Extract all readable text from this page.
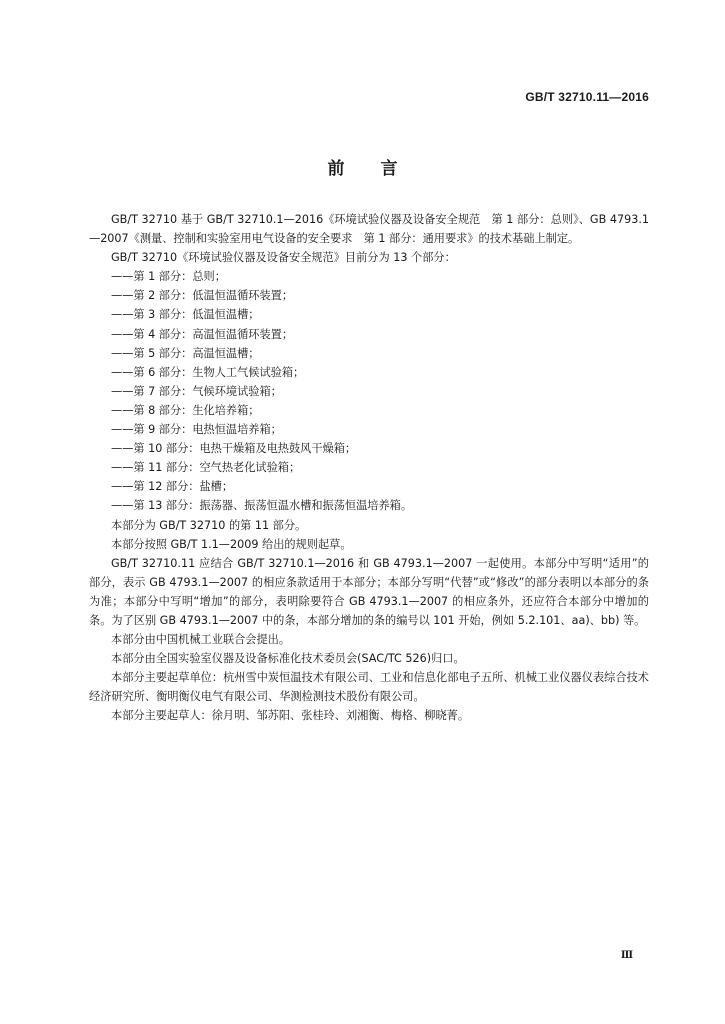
GB/T 32710.11—2016
前 言

GB/T 32710 基于 GB/T 32710.1—2016《环境试验仪器及设备安全规范　第 1 部分：总则》、GB 4793.1—2007《测量、控制和实验室用电气设备的安全要求　第 1 部分：通用要求》的技术基础上制定。

GB/T 32710《环境试验仪器及设备安全规范》目前分为 13 个部分：

——第 1 部分：总则；

——第 2 部分：低温恒温循环装置；

——第 3 部分：低温恒温槽；

——第 4 部分：高温恒温循环装置；

——第 5 部分：高温恒温槽；

——第 6 部分：生物人工气候试验箱；

——第 7 部分：气候环境试验箱；

——第 8 部分：生化培养箱；

——第 9 部分：电热恒温培养箱；

——第 10 部分：电热干燥箱及电热鼓风干燥箱；

——第 11 部分：空气热老化试验箱；

——第 12 部分：盐槽；

——第 13 部分：振荡器、振荡恒温水槽和振荡恒温培养箱。

本部分为 GB/T 32710 的第 11 部分。

本部分按照 GB/T 1.1—2009 给出的规则起草。

GB/T 32710.11 应结合 GB/T 32710.1—2016 和 GB 4793.1—2007 一起使用。本部分中写明“适用”的部分，表示 GB 4793.1—2007 的相应条款适用于本部分；本部分写明“代替”或“修改”的部分表明以本部分的条为准；本部分中写明“增加”的部分，表明除要符合 GB 4793.1—2007 的相应条外，还应符合本部分中增加的条。为了区别 GB 4793.1—2007 中的条，本部分增加的条的编号以 101 开始，例如 5.2.101、aa)、bb) 等。

本部分由中国机械工业联合会提出。

本部分由全国实验室仪器及设备标准化技术委员会(SAC/TC 526)归口。

本部分主要起草单位：杭州雪中炭恒温技术有限公司、工业和信息化部电子五所、机械工业仪器仪表综合技术经济研究所、衡明衡仪电气有限公司、华测检测技术股份有限公司。

本部分主要起草人：徐月明、邹苏阳、张桂玲、刘湘衡、梅格、柳晓菁。

Ⅲ
